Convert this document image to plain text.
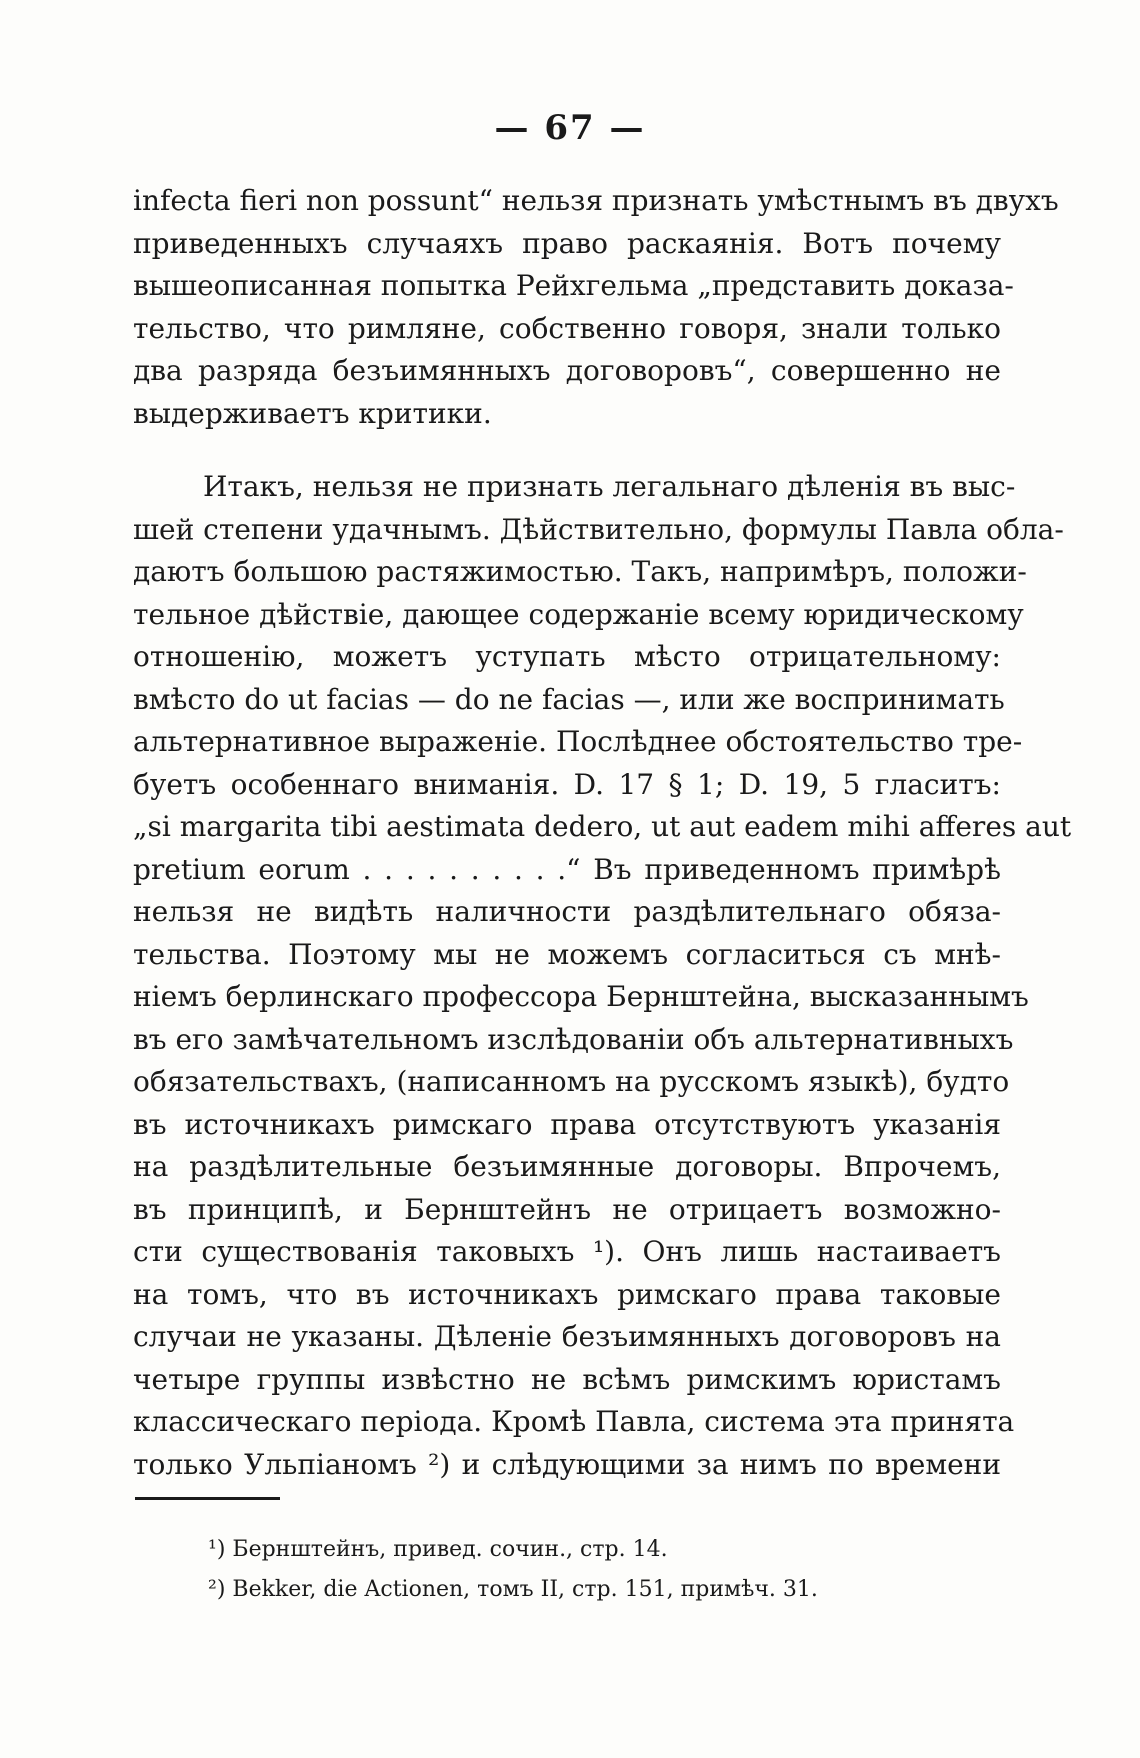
— 67 —
infecta fieri non possunt“ нельзя признать умѣстнымъ въ двухъ
приведенныхъ случаяхъ право раскаянія. Вотъ почему
вышеописанная попытка Рейхгельма „представить доказа-
тельство, что римляне, собственно говоря, знали только
два разряда безъимянныхъ договоровъ“, совершенно не
выдерживаетъ критики.
Итакъ, нельзя не признать легальнаго дѣленія въ выс-
шей степени удачнымъ. Дѣйствительно, формулы Павла обла-
даютъ большою растяжимостью. Такъ, напримѣръ, положи-
тельное дѣйствіе, дающее содержаніе всему юридическому
отношенію, можетъ уступать мѣсто отрицательному:
вмѣсто do ut facias — do ne facias —, или же воспринимать
альтернативное выраженіе. Послѣднее обстоятельство тре-
буетъ особеннаго вниманія. D. 17 § 1; D. 19, 5 гласитъ:
„si margarita tibi aestimata dedero, ut aut eadem mihi afferes aut
pretium eorum . . . . . . . . . .“ Въ приведенномъ примѣрѣ
нельзя не видѣть наличности раздѣлительнаго обяза-
тельства. Поэтому мы не можемъ согласиться съ мнѣ-
ніемъ берлинскаго профессора Бернштейна, высказаннымъ
въ его замѣчательномъ изслѣдованіи объ альтернативныхъ
обязательствахъ, (написанномъ на русскомъ языкѣ), будто
въ источникахъ римскаго права отсутствуютъ указанія
на раздѣлительные безъимянные договоры. Впрочемъ,
въ принципѣ, и Бернштейнъ не отрицаетъ возможно-
сти существованія таковыхъ ¹). Онъ лишь настаиваетъ
на томъ, что въ источникахъ римскаго права таковые
случаи не указаны. Дѣленіе безъимянныхъ договоровъ на
четыре группы извѣстно не всѣмъ римскимъ юристамъ
классическаго періода. Кромѣ Павла, система эта принята
только Ульпіаномъ ²) и слѣдующими за нимъ по времени
¹) Бернштейнъ, привед. сочин., стр. 14.
²) Bekker, die Actionen, томъ II, стр. 151, примѣч. 31.
